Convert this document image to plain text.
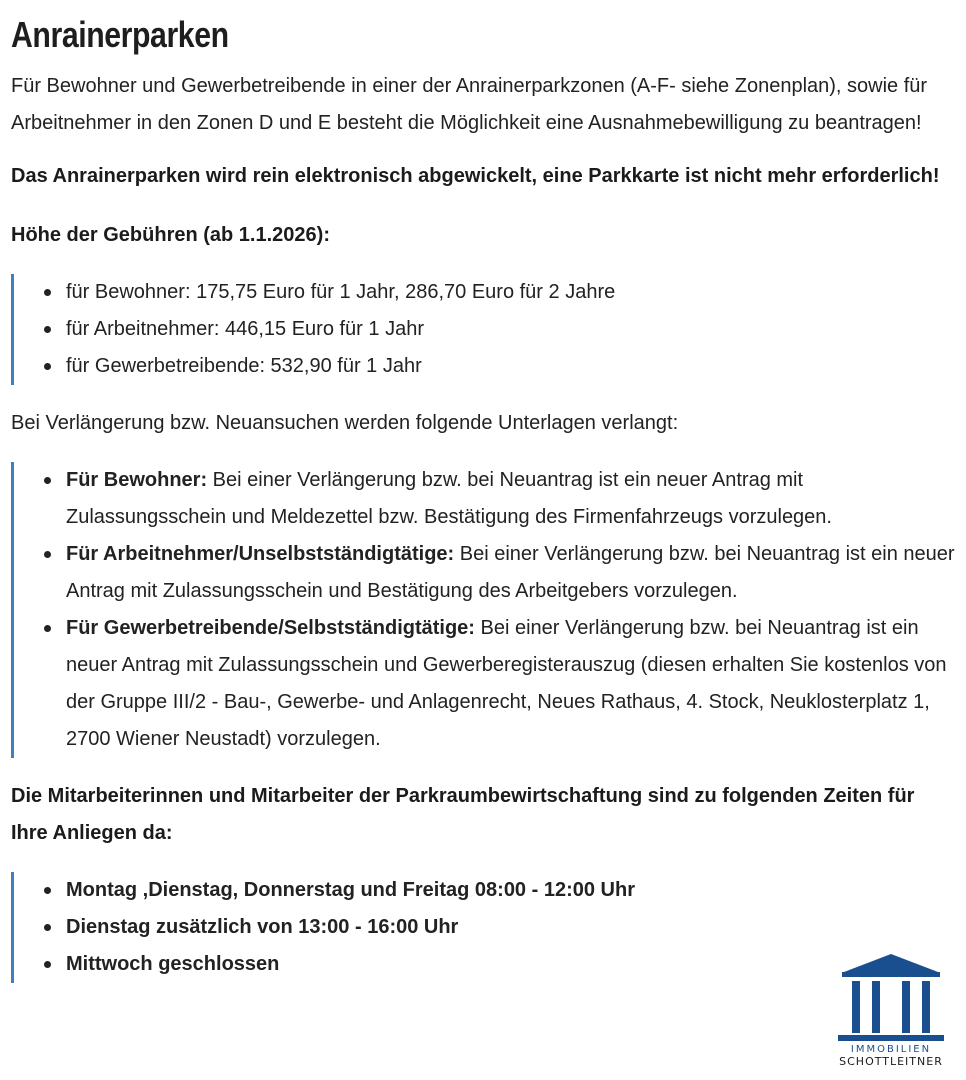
Anrainerparken

Für Bewohner und Gewerbetreibende in einer der Anrainerparkzonen (A-F- siehe Zonenplan), sowie für Arbeitnehmer in den Zonen D und E besteht die Möglichkeit eine Ausnahmebewilligung zu beantragen!

Das Anrainerparken wird rein elektronisch abgewickelt, eine Parkkarte ist nicht mehr erforderlich!

Höhe der Gebühren (ab 1.1.2026):

für Bewohner: 175,75 Euro für 1 Jahr, 286,70 Euro für 2 Jahre
für Arbeitnehmer: 446,15 Euro für 1 Jahr
für Gewerbetreibende: 532,90 für 1 Jahr

Bei Verlängerung bzw. Neuansuchen werden folgende Unterlagen verlangt:

Für Bewohner: Bei einer Verlängerung bzw. bei Neuantrag ist ein neuer Antrag mit Zulassungsschein und Meldezettel bzw. Bestätigung des Firmenfahrzeugs vorzulegen.
Für Arbeitnehmer/Unselbstständigtätige: Bei einer Verlängerung bzw. bei Neuantrag ist ein neuer Antrag mit Zulassungsschein und Bestätigung des Arbeitgebers vorzulegen.
Für Gewerbetreibende/Selbstständigtätige: Bei einer Verlängerung bzw. bei Neuantrag ist ein neuer Antrag mit Zulassungsschein und Gewerberegisterauszug (diesen erhalten Sie kostenlos von der Gruppe III/2 - Bau-, Gewerbe- und Anlagenrecht, Neues Rathaus, 4. Stock, Neuklosterplatz 1, 2700 Wiener Neustadt) vorzulegen.

Die Mitarbeiterinnen und Mitarbeiter der Parkraumbewirtschaftung sind zu folgenden Zeiten für Ihre Anliegen da:

Montag ,Dienstag, Donnerstag und Freitag 08:00 - 12:00 Uhr
Dienstag zusätzlich von 13:00 - 16:00 Uhr
Mittwoch geschlossen
IMMOBILIEN
SCHOTTLEITNER
